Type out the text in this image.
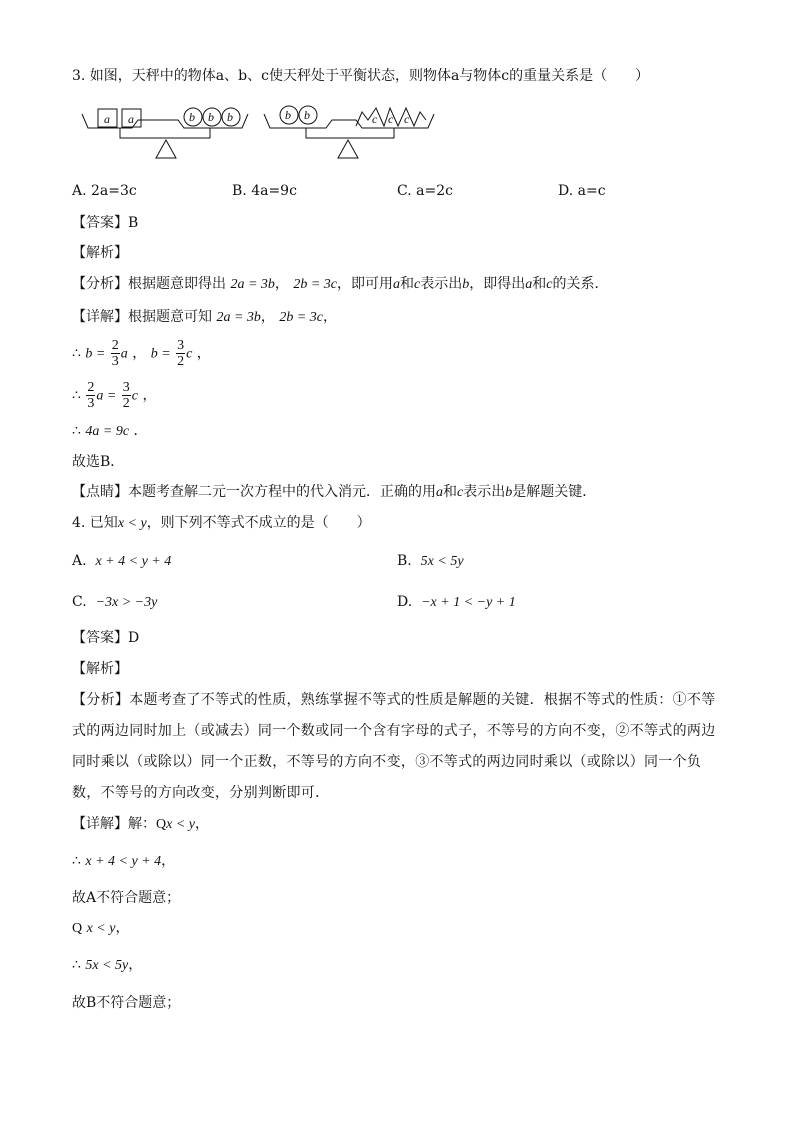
3. 如图，天秤中的物体a、b、c使天秤处于平衡状态，则物体a与物体c的重量关系是（　　）
a a	b b b	b b	c c c
A. 2a=3c	B. 4a=9c	C. a=2c	D. a=c
【答案】B
【解析】
【分析】根据题意即得出 2a = 3b， 2b = 3c，即可用a和c表示出b，即得出a和c的关系．
【详解】根据题意可知 2a = 3b， 2b = 3c，
∴ $b = \frac{2}{3}$ a ， $b = \frac{3}{2}$ c ，
∴ $\frac{2}{3}$ $a = \frac{3}{2}$ c ，
∴ 4a = 9c ．
故选B．
【点睛】本题考查解二元一次方程中的代入消元．正确的用a和c表示出b是解题关键．
4. 已知x < y，则下列不等式不成立的是（　　）
A. x + 4 < y + 4	B. 5x < 5y
C. −3x > −3y	D. −x + 1 < −y + 1
【答案】D
【解析】
【分析】本题考查了不等式的性质，熟练掌握不等式的性质是解题的关键．根据不等式的性质：①不等式的两边同时加上（或减去）同一个数或同一个含有字母的式子，不等号的方向不变，②不等式的两边同时乘以（或除以）同一个正数，不等号的方向不变，③不等式的两边同时乘以（或除以）同一个负数，不等号的方向改变，分别判断即可．
【详解】解：Qx < y，
∴ x + 4 < y + 4，
故A不符合题意；
Q x < y，
∴ 5x < 5y，
故B不符合题意；
